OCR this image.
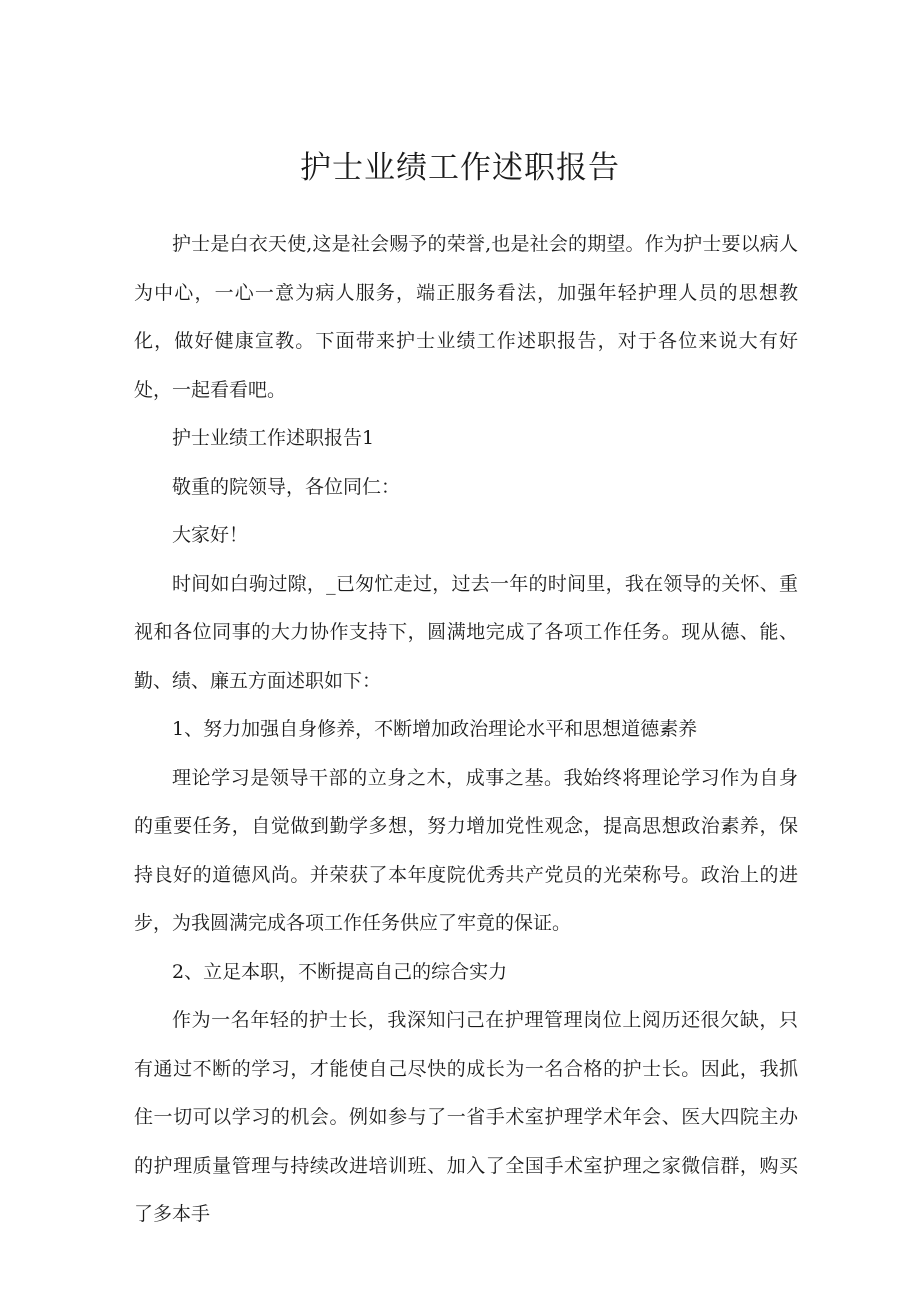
护士业绩工作述职报告

护士是白衣天使,这是社会赐予的荣誉,也是社会的期望。作为护士要以病人为中心，一心一意为病人服务，端正服务看法，加强年轻护理人员的思想教化，做好健康宣教。下面带来护士业绩工作述职报告，对于各位来说大有好处，一起看看吧。

护士业绩工作述职报告1

敬重的院领导，各位同仁：

大家好！

时间如白驹过隙，_已匆忙走过，过去一年的时间里，我在领导的关怀、重视和各位同事的大力协作支持下，圆满地完成了各项工作任务。现从德、能、勤、绩、廉五方面述职如下：

1、努力加强自身修养，不断增加政治理论水平和思想道德素养

理论学习是领导干部的立身之木，成事之基。我始终将理论学习作为自身的重要任务，自觉做到勤学多想，努力增加党性观念，提高思想政治素养，保持良好的道德风尚。并荣获了本年度院优秀共产党员的光荣称号。政治上的进步，为我圆满完成各项工作任务供应了牢竟的保证。

2、立足本职，不断提高自己的综合实力

作为一名年轻的护士长，我深知闩己在护理管理岗位上阅历还很欠缺，只有通过不断的学习，才能使自己尽快的成长为一名合格的护士长。因此，我抓住一切可以学习的机会。例如参与了一省手术室护理学术年会、医大四院主办的护理质量管理与持续改进培训班、加入了全国手术室护理之家微信群，购买了多本手
